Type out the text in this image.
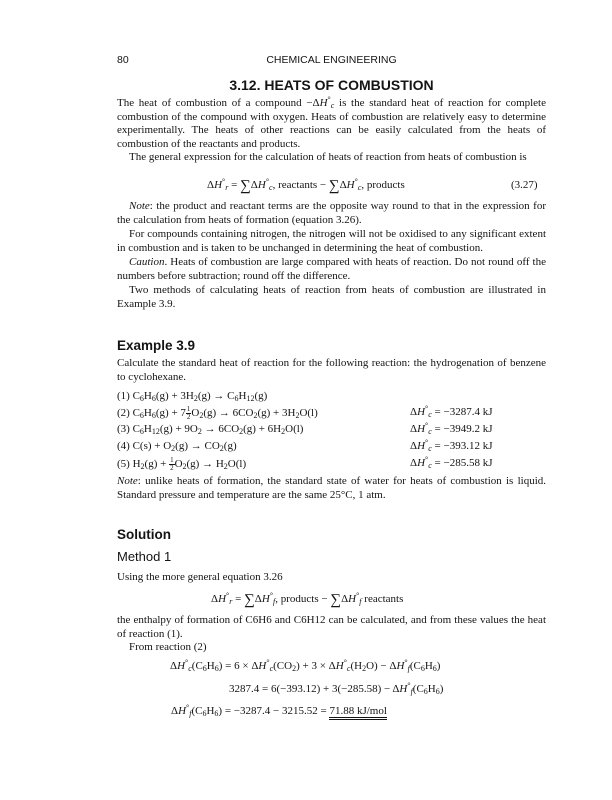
80	CHEMICAL ENGINEERING
3.12. HEATS OF COMBUSTION
The heat of combustion of a compound $-\Delta H^\circ_c$ is the standard heat of reaction for complete combustion of the compound with oxygen. Heats of combustion are relatively easy to determine experimentally. The heats of other reactions can be easily calculated from the heats of combustion of the reactants and products.
The general expression for the calculation of heats of reaction from heats of combustion is
$\Delta H^\circ_r = \sum\Delta H^\circ_c$, reactants − $\sum\Delta H^\circ_c$, products	(3.27)
Note: the product and reactant terms are the opposite way round to that in the expression for the calculation from heats of formation (equation 3.26).
For compounds containing nitrogen, the nitrogen will not be oxidised to any significant extent in combustion and is taken to be unchanged in determining the heat of combustion.
Caution. Heats of combustion are large compared with heats of reaction. Do not round off the numbers before subtraction; round off the difference.
Two methods of calculating heats of reaction from heats of combustion are illustrated in Example 3.9.
Example 3.9
Calculate the standard heat of reaction for the following reaction: the hydrogenation of benzene to cyclohexane.
(1) $C_6H_6(g) + 3H_2(g) \to C_6H_{12}(g)$
(2) $C_6H_6(g) + 7 \frac{1}{2} O_2(g) \to 6CO_2(g) + 3H_2O(l)$	$\Delta H^\circ_c = -3287.4$ kJ
(3) $C_6H_{12}(g) + 9O_2 \to 6CO_2(g) + 6H_2O(l)$	$\Delta H^\circ_c = -3949.2$ kJ
(4) $C(s) + O_2(g) \to CO_2(g)$	$\Delta H^\circ_c = -393.12$ kJ
(5) $H_2(g) + \frac{1}{2} O_2(g) \to H_2O(l)$	$\Delta H^\circ_c = -285.58$ kJ
Note: unlike heats of formation, the standard state of water for heats of combustion is liquid. Standard pressure and temperature are the same 25°C, 1 atm.
Solution
Method 1
Using the more general equation 3.26
$\Delta H^\circ_r = \sum\Delta H^\circ_f$, products − $\sum\Delta H^\circ_f$ reactants
the enthalpy of formation of C6H6 and C6H12 can be calculated, and from these values the heat of reaction (1).
From reaction (2)
$\Delta H^\circ_c(C_6H_6) = 6 \times \Delta H^\circ_c(CO_2) + 3 \times \Delta H^\circ_c(H_2O) - \Delta H^\circ_f(C_6H_6)$
$3287.4 = 6(-393.12) + 3(-285.58) - \Delta H^\circ_f(C_6H_6)$
$\Delta H^\circ_f(C_6H_6) = -3287.4 - 3215.52 = 71.88$ kJ/mol
